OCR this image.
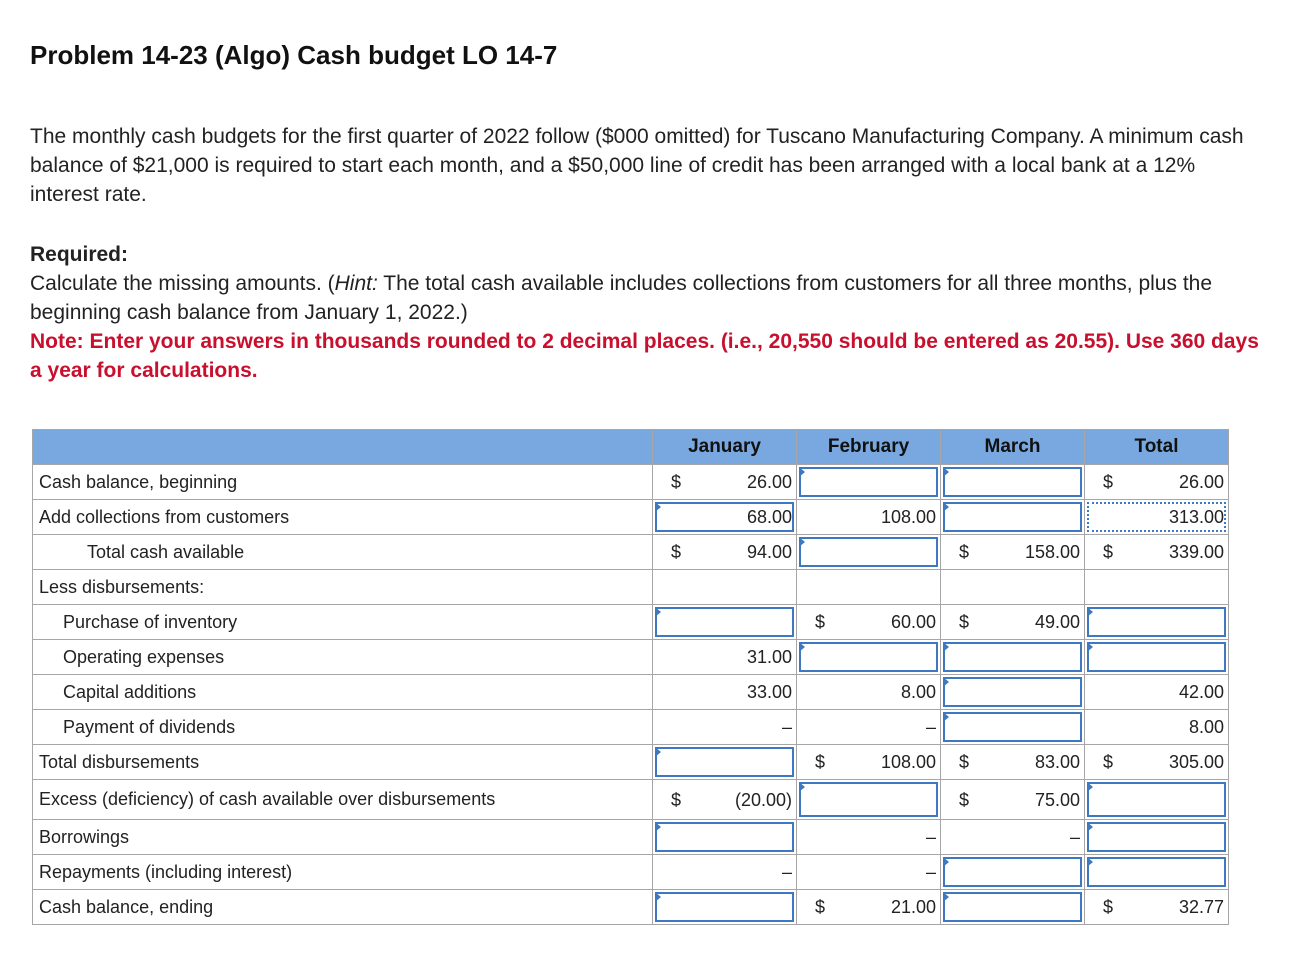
Problem 14-23 (Algo) Cash budget LO 14-7
The monthly cash budgets for the first quarter of 2022 follow ($000 omitted) for Tuscano Manufacturing Company. A minimum cash balance of $21,000 is required to start each month, and a $50,000 line of credit has been arranged with a local bank at a 12% interest rate.
Required:
Calculate the missing amounts. (Hint: The total cash available includes collections from customers for all three months, plus the beginning cash balance from January 1, 2022.)
Note: Enter your answers in thousands rounded to 2 decimal places. (i.e., 20,550 should be entered as 20.55). Use 360 days a year for calculations.
	January	February	March	Total
Cash balance, beginning	$ 26.00			$ 26.00

Add collections from customers	68.00	108.00		313.00

Total cash available	$ 94.00		$ 158.00	$ 339.00

Less disbursements:				
Purchase of inventory		$ 60.00	$ 49.00	

Operating expenses	31.00			

Capital additions	33.00	8.00		42.00

Payment of dividends	–	–		8.00

Total disbursements		$ 108.00	$ 83.00	$ 305.00

Excess (deficiency) of cash available over disbursements	$ (20.00)		$ 75.00	

Borrowings		–	–	

Repayments (including interest)	–	–		

Cash balance, ending		$ 21.00		$ 32.77
